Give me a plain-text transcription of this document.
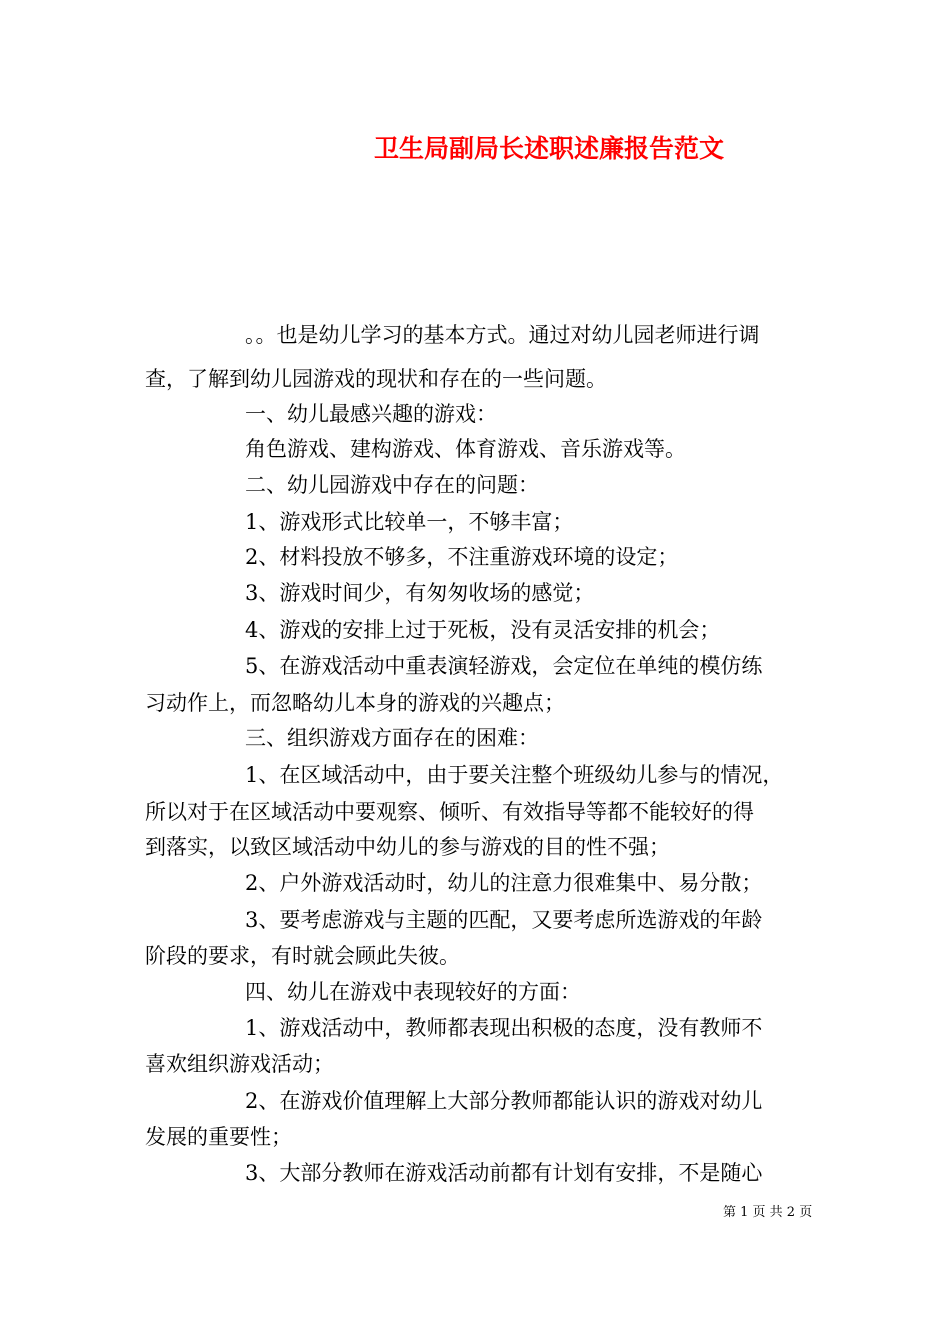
卫生局副局长述职述廉报告范文
。。也是幼儿学习的基本方式。通过对幼儿园老师进行调
查，了解到幼儿园游戏的现状和存在的一些问题。
一、幼儿最感兴趣的游戏：
角色游戏、建构游戏、体育游戏、音乐游戏等。
二、幼儿园游戏中存在的问题：
1、游戏形式比较单一，不够丰富；
2、材料投放不够多，不注重游戏环境的设定；
3、游戏时间少，有匆匆收场的感觉；
4、游戏的安排上过于死板，没有灵活安排的机会；
5、在游戏活动中重表演轻游戏，会定位在单纯的模仿练
习动作上，而忽略幼儿本身的游戏的兴趣点；
三、组织游戏方面存在的困难：
1、在区域活动中，由于要关注整个班级幼儿参与的情况，
所以对于在区域活动中要观察、倾听、有效指导等都不能较好的得
到落实，以致区域活动中幼儿的参与游戏的目的性不强；
2、户外游戏活动时，幼儿的注意力很难集中、易分散；
3、要考虑游戏与主题的匹配，又要考虑所选游戏的年龄
阶段的要求，有时就会顾此失彼。
四、幼儿在游戏中表现较好的方面：
1、游戏活动中，教师都表现出积极的态度，没有教师不
喜欢组织游戏活动；
2、在游戏价值理解上大部分教师都能认识的游戏对幼儿
发展的重要性；
3、大部分教师在游戏活动前都有计划有安排，不是随心
第 1 页 共 2 页
